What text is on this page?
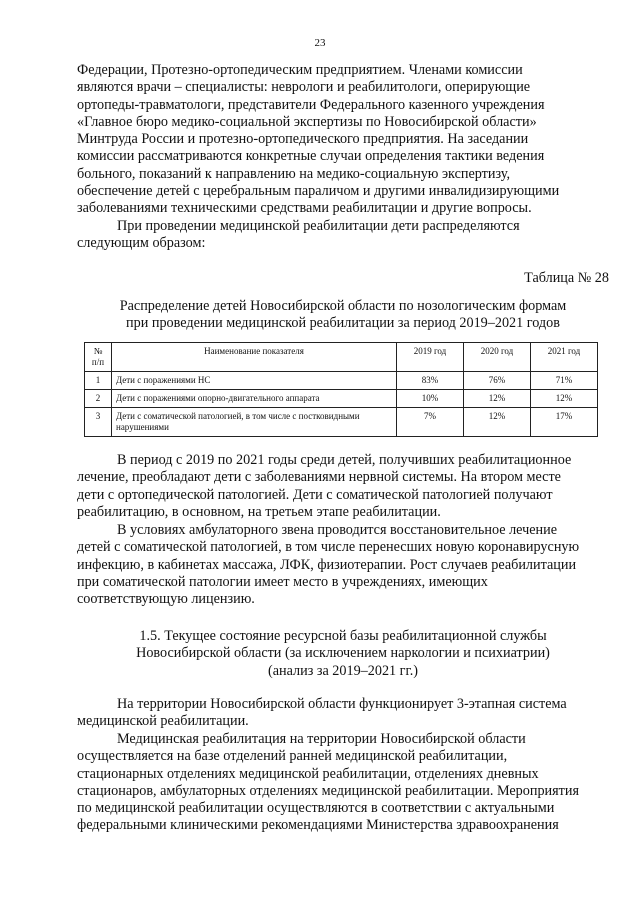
23

Федерации, Протезно-ортопедическим предприятием. Членами комиссии

являются врачи – специалисты: неврологи и реабилитологи, оперирующие

ортопеды-травматологи, представители Федерального казенного учреждения

«Главное бюро медико-социальной экспертизы по Новосибирской области»

Минтруда России и протезно-ортопедического предприятия. На заседании

комиссии рассматриваются конкретные случаи определения тактики ведения

больного, показаний к направлению на медико-социальную экспертизу,

обеспечение детей с церебральным параличом и другими инвалидизирующими

заболеваниями техническими средствами реабилитации и другие вопросы.

При проведении медицинской реабилитации дети распределяются

следующим образом:

Таблица № 28

Распределение детей Новосибирской области по нозологическим формам

при проведении медицинской реабилитации за период 2019–2021 годов

№ п/п	Наименование показателя	2019 год	2020 год	2021 год
1	Дети с поражениями НС	83%	76%	71%
2	Дети с поражениями опорно-двигательного аппарата	10%	12%	12%
3	Дети с соматической патологией, в том числе с постковидными нарушениями	7%	12%	17%

В период с 2019 по 2021 годы среди детей, получивших реабилитационное

лечение, преобладают дети с заболеваниями нервной системы. На втором месте

дети с ортопедической патологией. Дети с соматической патологией получают

реабилитацию, в основном, на третьем этапе реабилитации.

В условиях амбулаторного звена проводится восстановительное лечение

детей с соматической патологией, в том числе перенесших новую коронавирусную

инфекцию, в кабинетах массажа, ЛФК, физиотерапии. Рост случаев реабилитации

при соматической патологии имеет место в учреждениях, имеющих

соответствующую лицензию.

1.5. Текущее состояние ресурсной базы реабилитационной службы

Новосибирской области (за исключением наркологии и психиатрии)

(анализ за 2019–2021 гг.)

На территории Новосибирской области функционирует 3-этапная система

медицинской реабилитации.

Медицинская реабилитация на территории Новосибирской области

осуществляется на базе отделений ранней медицинской реабилитации,

стационарных отделениях медицинской реабилитации, отделениях дневных

стационаров, амбулаторных отделениях медицинской реабилитации. Мероприятия

по медицинской реабилитации осуществляются в соответствии с актуальными

федеральными клиническими рекомендациями Министерства здравоохранения
